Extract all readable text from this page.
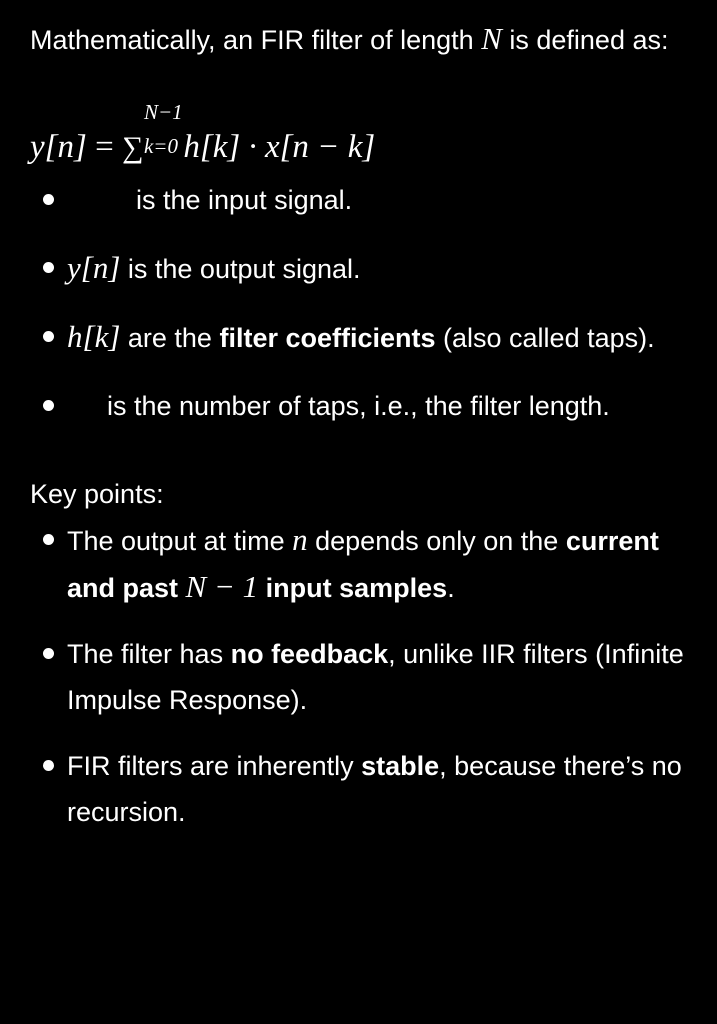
Mathematically, an FIR filter of length N is defined as:

y[n] = ∑
N−1
k=0 h[k] · x[n − k]
is the input signal.
y[n] is the output signal.
h[k] are the filter coefficients (also called taps).
is the number of taps, i.e., the filter length.

Key points:

The output at time n depends only on the current and past N − 1 input samples.
The filter has no feedback, unlike IIR filters (Infinite Impulse Response).
FIR filters are inherently stable, because there’s no recursion.
